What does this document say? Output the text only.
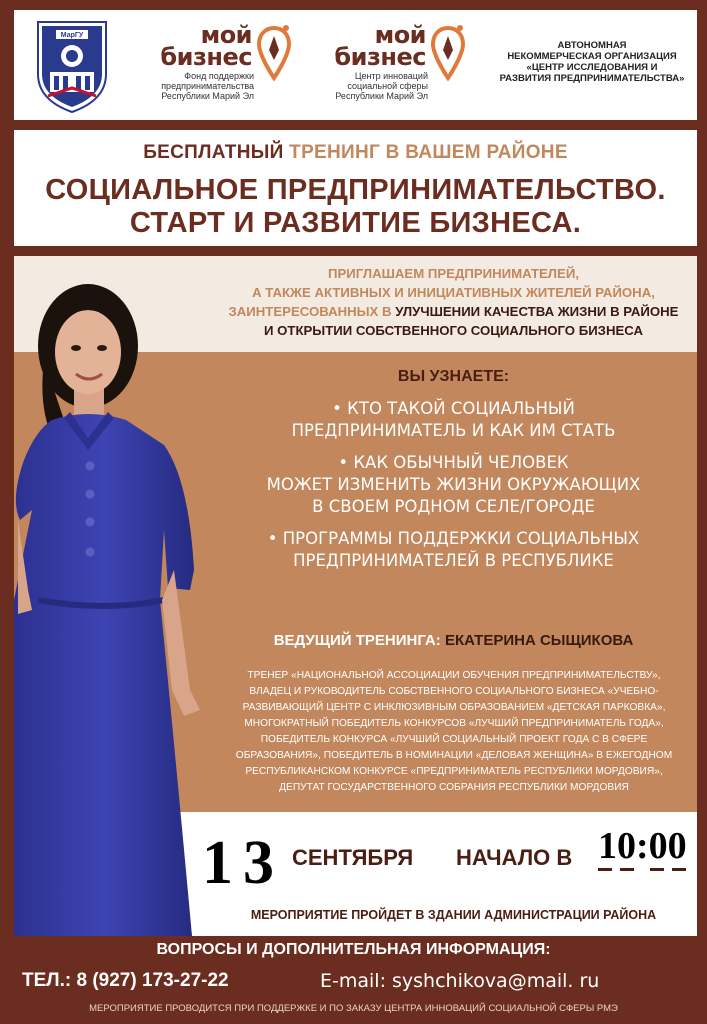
МарГУ	мой
бизнес
Фонд поддержки
предпринимательства
Республики Марий Эл
мой
бизнес
Центр инноваций
социальной сферы
Республики Марий Эл
АВТОНОМНАЯ
НЕКОММЕРЧЕСКАЯ ОРГАНИЗАЦИЯ
«ЦЕНТР ИССЛЕДОВАНИЯ И
РАЗВИТИЯ ПРЕДПРИНИМАТЕЛЬСТВА»
БЕСПЛАТНЫЙ ТРЕНИНГ В ВАШЕМ РАЙОНЕ
СОЦИАЛЬНОЕ ПРЕДПРИНИМАТЕЛЬСТВО.
СТАРТ И РАЗВИТИЕ БИЗНЕСА.
ПРИГЛАШАЕМ ПРЕДПРИНИМАТЕЛЕЙ,
А ТАКЖЕ АКТИВНЫХ И ИНИЦИАТИВНЫХ ЖИТЕЛЕЙ РАЙОНА,
ЗАИНТЕРЕСОВАННЫХ В УЛУЧШЕНИИ КАЧЕСТВА ЖИЗНИ В РАЙОНЕ
И ОТКРЫТИИ СОБСТВЕННОГО СОЦИАЛЬНОГО БИЗНЕСА
ВЫ УЗНАЕТЕ:
• КТО ТАКОЙ СОЦИАЛЬНЫЙ
ПРЕДПРИНИМАТЕЛЬ И КАК ИМ СТАТЬ
• КАК ОБЫЧНЫЙ ЧЕЛОВЕК
МОЖЕТ ИЗМЕНИТЬ ЖИЗНИ ОКРУЖАЮЩИХ
В СВОЕМ РОДНОМ СЕЛЕ/ГОРОДЕ
• ПРОГРАММЫ ПОДДЕРЖКИ СОЦИАЛЬНЫХ
ПРЕДПРИНИМАТЕЛЕЙ В РЕСПУБЛИКЕ
ВЕДУЩИЙ ТРЕНИНГА: ЕКАТЕРИНА СЫЩИКОВА
ТРЕНЕР «НАЦИОНАЛЬНОЙ АССОЦИАЦИИ ОБУЧЕНИЯ ПРЕДПРИНИМАТЕЛЬСТВУ»,
ВЛАДЕЦ И РУКОВОДИТЕЛЬ СОБСТВЕННОГО СОЦИАЛЬНОГО БИЗНЕСА «УЧЕБНО-
РАЗВИВАЮЩИЙ ЦЕНТР С ИНКЛЮЗИВНЫМ ОБРАЗОВАНИЕМ «ДЕТСКАЯ ПАРКОВКА»,
МНОГОКРАТНЫЙ ПОБЕДИТЕЛЬ КОНКУРСОВ «ЛУЧШИЙ ПРЕДПРИНИМАТЕЛЬ ГОДА»,
ПОБЕДИТЕЛЬ КОНКУРСА «ЛУЧШИЙ СОЦИАЛЬНЫЙ ПРОЕКТ ГОДА С В СФЕРЕ
ОБРАЗОВАНИЯ», ПОБЕДИТЕЛЬ В НОМИНАЦИИ «ДЕЛОВАЯ ЖЕНЩИНА» В ЕЖЕГОДНОМ
РЕСПУБЛИКАНСКОМ КОНКУРСЕ «ПРЕДПРИНИМАТЕЛЬ РЕСПУБЛИКИ МОРДОВИЯ»,
ДЕПУТАТ ГОСУДАРСТВЕННОГО СОБРАНИЯ РЕСПУБЛИКИ МОРДОВИЯ
13 СЕНТЯБРЯ НАЧАЛО В 10:00
МЕРОПРИЯТИЕ ПРОЙДЕТ В ЗДАНИИ АДМИНИСТРАЦИИ РАЙОНА
ВОПРОСЫ И ДОПОЛНИТЕЛЬНАЯ ИНФОРМАЦИЯ:
ТЕЛ.: 8 (927) 173-27-22	E-mail: syshchikova@mail. ru
МЕРОПРИЯТИЕ ПРОВОДИТСЯ ПРИ ПОДДЕРЖКЕ И ПО ЗАКАЗУ ЦЕНТРА ИННОВАЦИЙ СОЦИАЛЬНОЙ СФЕРЫ РМЭ
